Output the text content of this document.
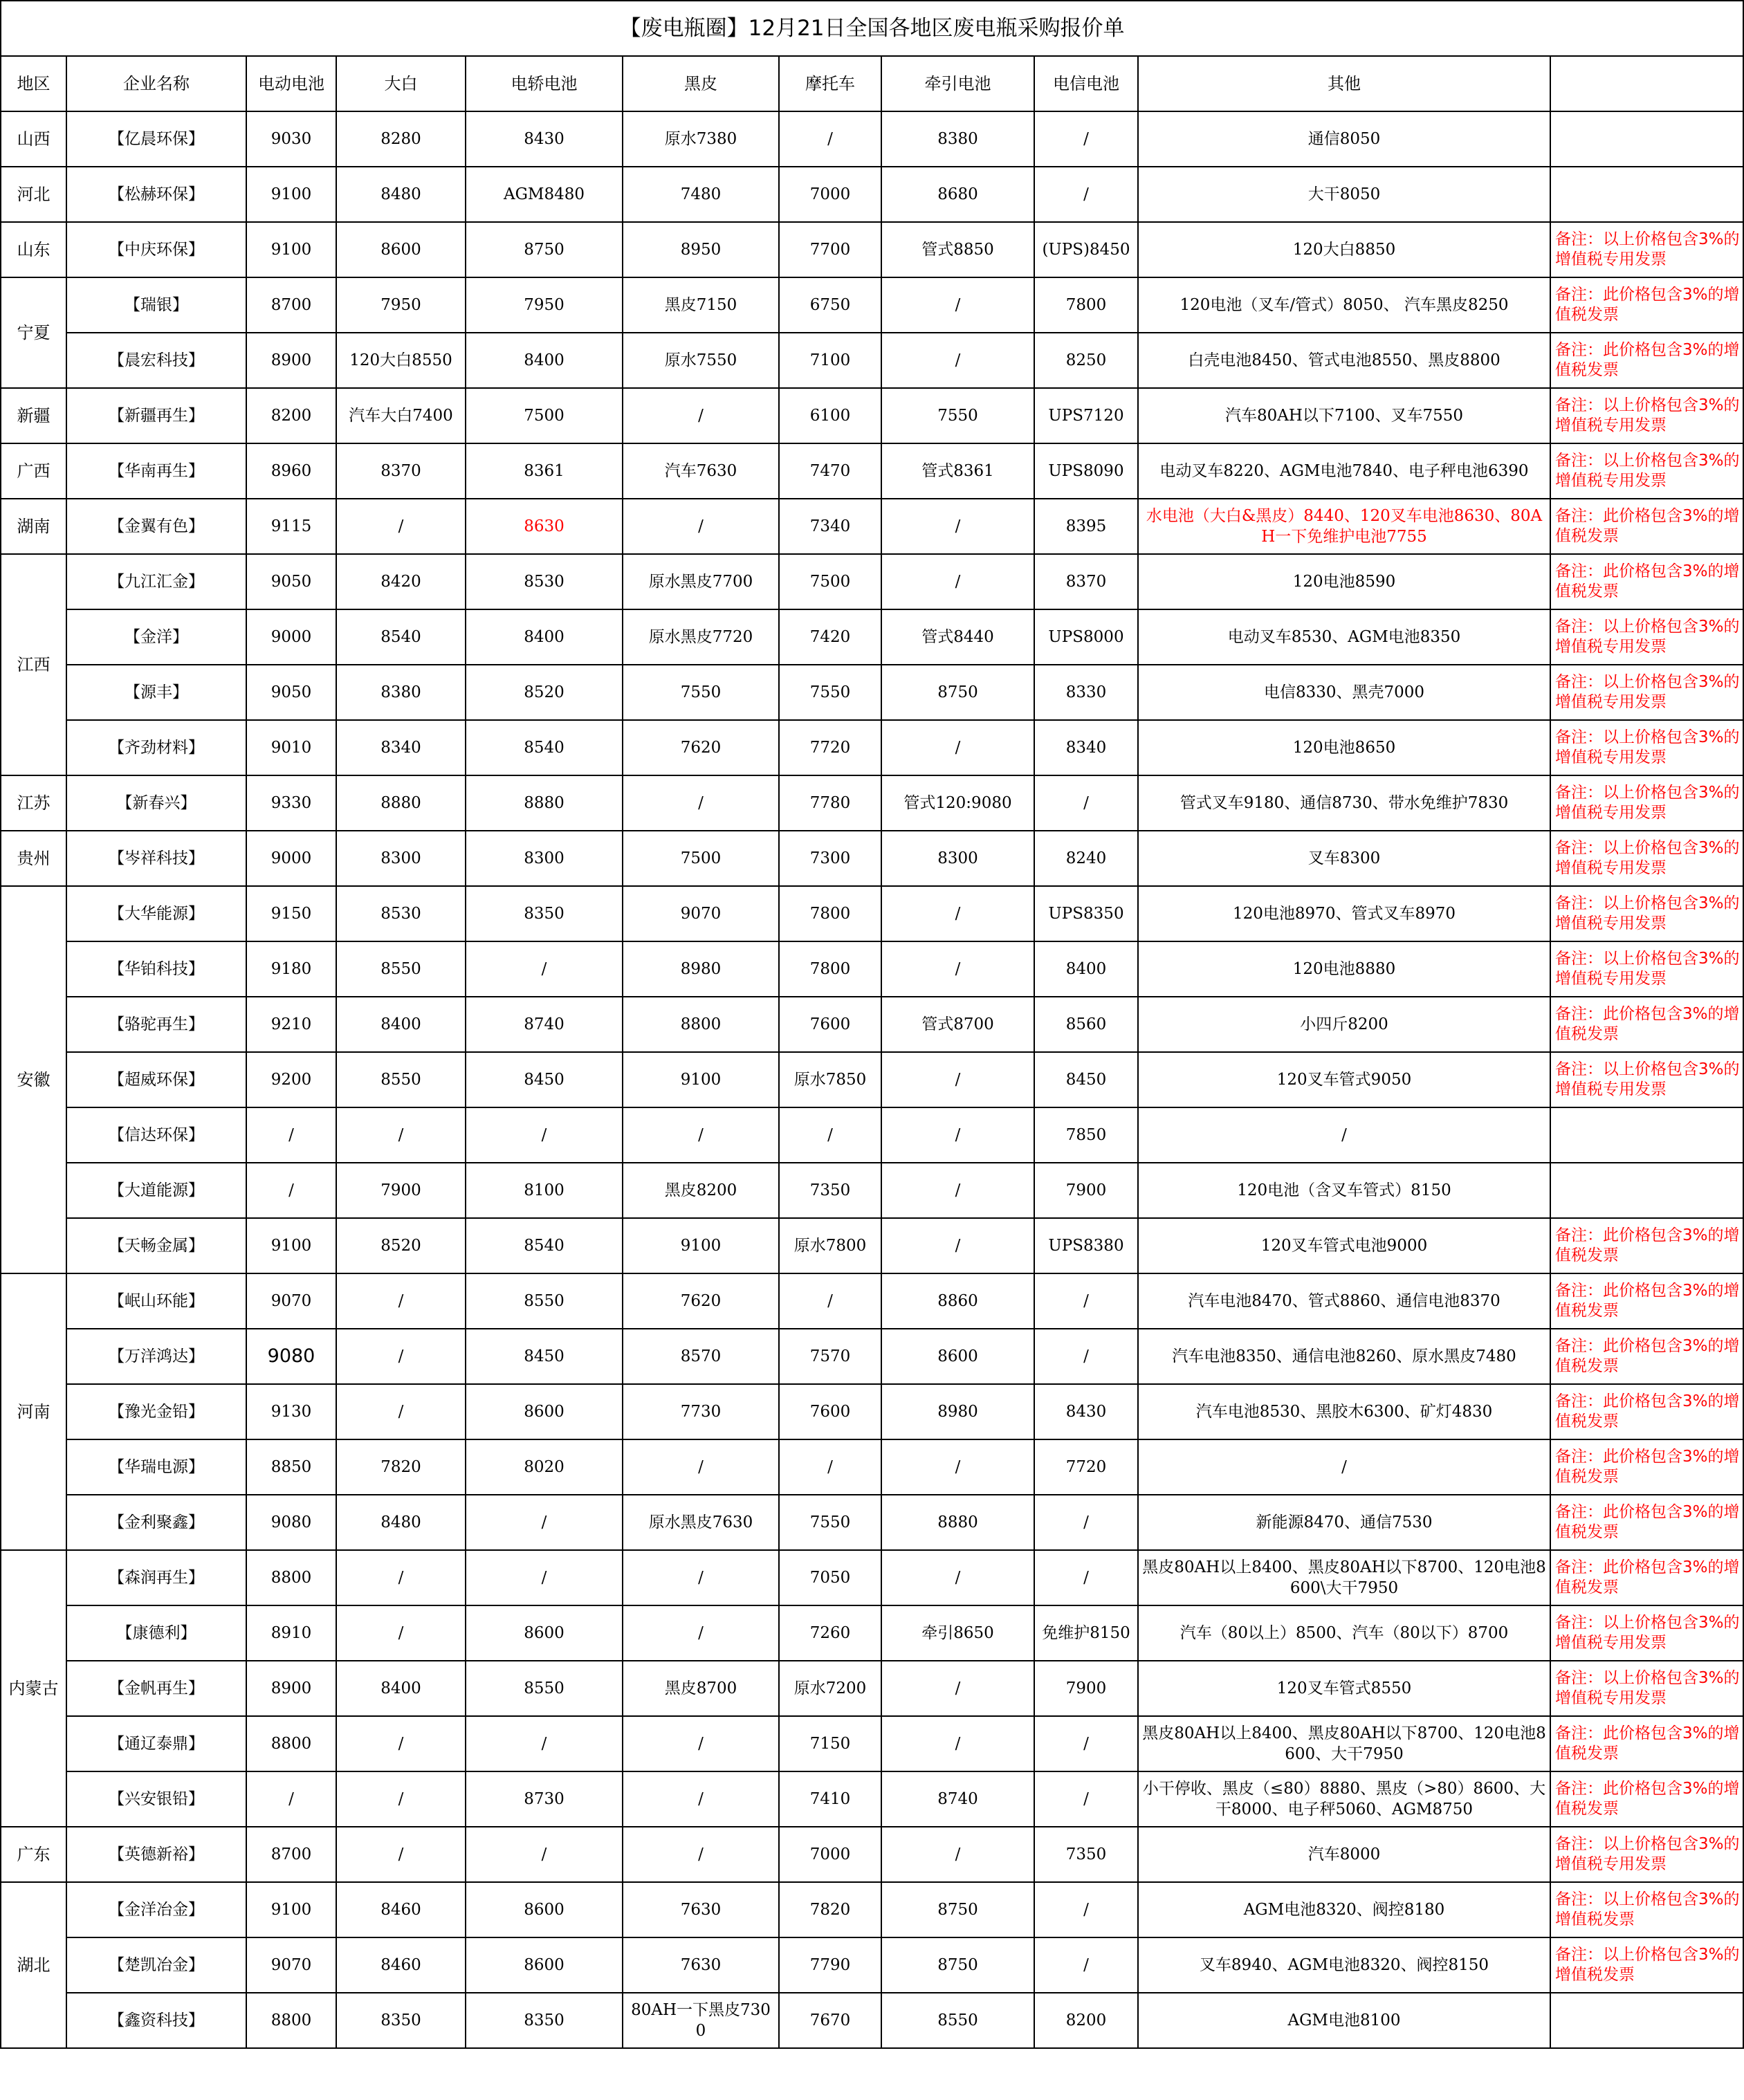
【废电瓶圈】12月21日全国各地区废电瓶采购报价单										
地区	企业名称	电动电池	大白	电轿电池	黑皮	摩托车	牵引电池	电信电池	其他	
山西	【亿晨环保】	9030	8280	8430	原水7380	/	8380	/	通信8050	
河北	【松赫环保】	9100	8480	AGM8480	7480	7000	8680	/	大干8050	
山东	【中庆环保】	9100	8600	8750	8950	7700	管式8850	(UPS)8450	120大白8850	备注：以上价格包含3%的增值税专用发票
宁夏	【瑞银】	8700	7950	7950	黑皮7150	6750	/	7800	120电池（叉车/管式）8050、 汽车黑皮8250	备注：此价格包含3%的增值税发票
	【晨宏科技】	8900	120大白8550	8400	原水7550	7100	/	8250	白壳电池8450、管式电池8550、黑皮8800	备注：此价格包含3%的增值税发票
新疆	【新疆再生】	8200	汽车大白7400	7500	/	6100	7550	UPS7120	汽车80AH以下7100、叉车7550	备注：以上价格包含3%的增值税专用发票
广西	【华南再生】	8960	8370	8361	汽车7630	7470	管式8361	UPS8090	电动叉车8220、AGM电池7840、电子秤电池6390	备注：以上价格包含3%的增值税专用发票
湖南	【金翼有色】	9115	/	8630	/	7340	/	8395	水电池（大白&黑皮）8440、120叉车电池8630、80AH一下免维护电池7755	备注：此价格包含3%的增值税发票
江西	【九江汇金】	9050	8420	8530	原水黑皮7700	7500	/	8370	120电池8590	备注：此价格包含3%的增值税发票
	【金洋】	9000	8540	8400	原水黑皮7720	7420	管式8440	UPS8000	电动叉车8530、AGM电池8350	备注：以上价格包含3%的增值税专用发票
	【源丰】	9050	8380	8520	7550	7550	8750	8330	电信8330、黑壳7000	备注：以上价格包含3%的增值税专用发票
	【齐劲材料】	9010	8340	8540	7620	7720	/	8340	120电池8650	备注：以上价格包含3%的增值税专用发票
江苏	【新春兴】	9330	8880	8880	/	7780	管式120:9080	/	管式叉车9180、通信8730、带水免维护7830	备注：以上价格包含3%的增值税专用发票
贵州	【岑祥科技】	9000	8300	8300	7500	7300	8300	8240	叉车8300	备注：以上价格包含3%的增值税专用发票
安徽	【大华能源】	9150	8530	8350	9070	7800	/	UPS8350	120电池8970、管式叉车8970	备注：以上价格包含3%的增值税专用发票
	【华铂科技】	9180	8550	/	8980	7800	/	8400	120电池8880	备注：以上价格包含3%的增值税专用发票
	【骆驼再生】	9210	8400	8740	8800	7600	管式8700	8560	小四斤8200	备注：此价格包含3%的增值税发票
	【超威环保】	9200	8550	8450	9100	原水7850	/	8450	120叉车管式9050	备注：以上价格包含3%的增值税专用发票
	【信达环保】	/	/	/	/	/	/	7850	/	
	【大道能源】	/	7900	8100	黑皮8200	7350	/	7900	120电池（含叉车管式）8150	
	【天畅金属】	9100	8520	8540	9100	原水7800	/	UPS8380	120叉车管式电池9000	备注：此价格包含3%的增值税发票
河南	【岷山环能】	9070	/	8550	7620	/	8860	/	汽车电池8470、管式8860、通信电池8370	备注：此价格包含3%的增值税发票
	【万洋鸿达】	9080	/	8450	8570	7570	8600	/	汽车电池8350、通信电池8260、原水黑皮7480	备注：此价格包含3%的增值税发票
	【豫光金铅】	9130	/	8600	7730	7600	8980	8430	汽车电池8530、黑胶木6300、矿灯4830	备注：此价格包含3%的增值税发票
	【华瑞电源】	8850	7820	8020	/	/	/	7720	/	备注：此价格包含3%的增值税发票
	【金利聚鑫】	9080	8480	/	原水黑皮7630	7550	8880	/	新能源8470、通信7530	备注：此价格包含3%的增值税发票
内蒙古	【森润再生】	8800	/	/	/	7050	/	/	黑皮80AH以上8400、黑皮80AH以下8700、120电池8600\大干7950	备注：此价格包含3%的增值税发票
	【康德利】	8910	/	8600	/	7260	牵引8650	免维护8150	汽车（80以上）8500、汽车（80以下）8700	备注：以上价格包含3%的增值税专用发票
	【金帆再生】	8900	8400	8550	黑皮8700	原水7200	/	7900	120叉车管式8550	备注：以上价格包含3%的增值税专用发票
	【通辽泰鼎】	8800	/	/	/	7150	/	/	黑皮80AH以上8400、黑皮80AH以下8700、120电池8600、大干7950	备注：此价格包含3%的增值税发票
	【兴安银铅】	/	/	8730	/	7410	8740	/	小干停收、黑皮（≤80）8880、黑皮（>80）8600、大干8000、电子秤5060、AGM8750	备注：此价格包含3%的增值税发票
广东	【英德新裕】	8700	/	/	/	7000	/	7350	汽车8000	备注：以上价格包含3%的增值税专用发票
湖北	【金洋冶金】	9100	8460	8600	7630	7820	8750	/	AGM电池8320、阀控8180	备注：以上价格包含3%的增值税发票
	【楚凯冶金】	9070	8460	8600	7630	7790	8750	/	叉车8940、AGM电池8320、阀控8150	备注：以上价格包含3%的增值税发票
	【鑫资科技】	8800	8350	8350	80AH一下黑皮7300	7670	8550	8200	AGM电池8100	
